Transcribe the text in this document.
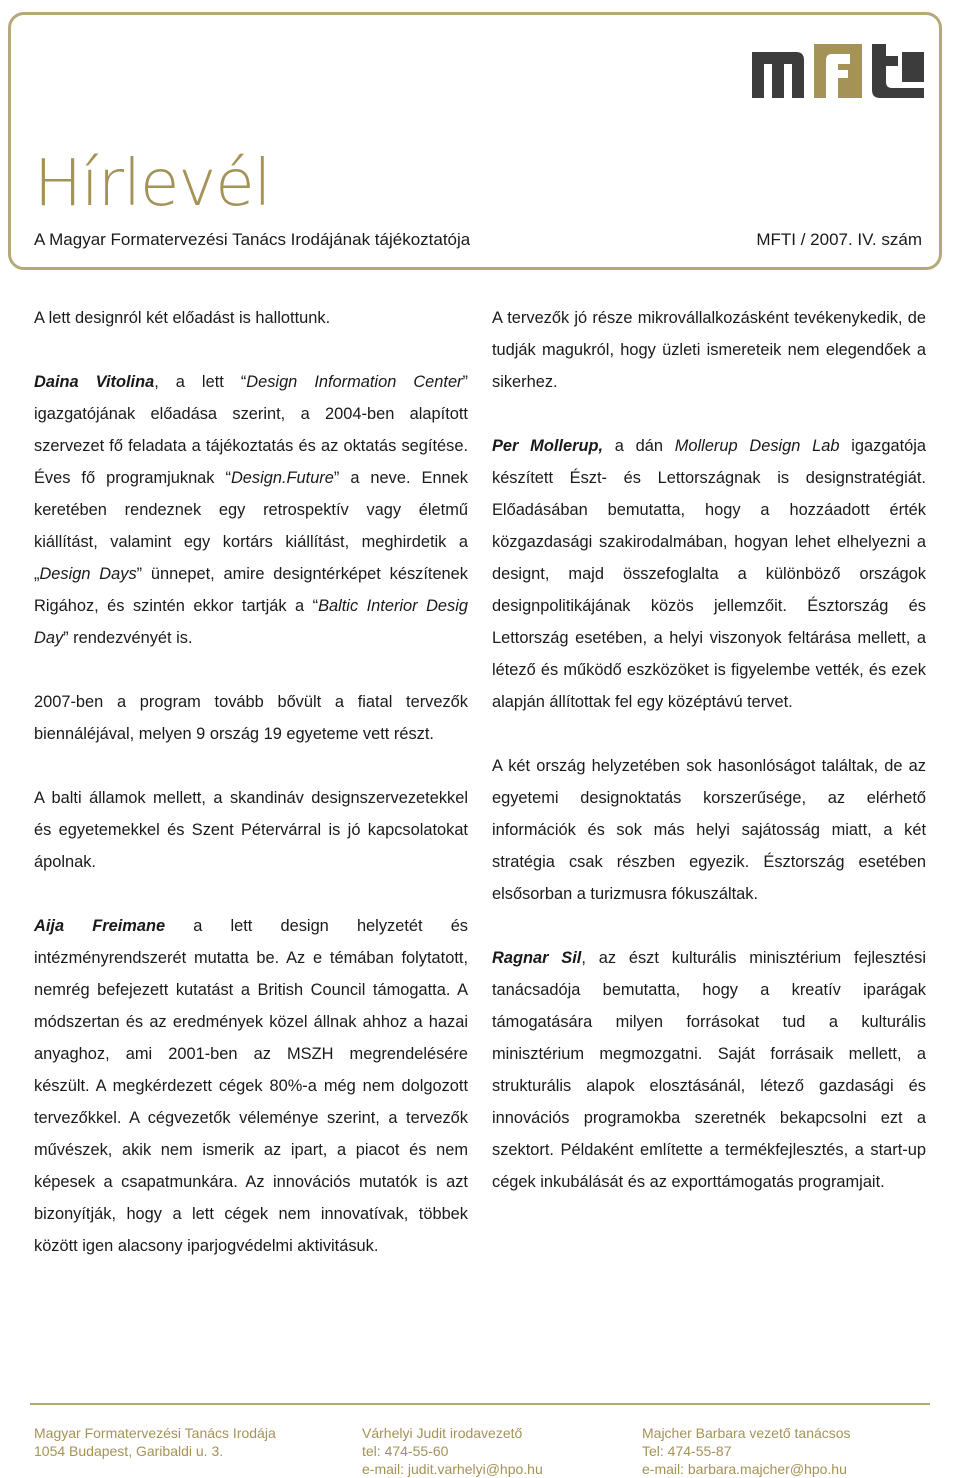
Hírlevél
A Magyar Formatervezési Tanács Irodájának tájékoztatója	MFTI / 2007. IV. szám

A lett designról két előadást is hallottunk.

Daina Vitolina, a lett “Design Information Center” igazgatójának előadása szerint, a 2004-ben alapított szervezet fő feladata a tájékoztatás és az oktatás segítése. Éves fő programjuknak “Design.Future” a neve. Ennek keretében rendeznek egy retrospektív vagy életmű kiállítást, valamint egy kortárs kiállítást, meghirdetik a „Design Days” ünnepet, amire designtérképet készítenek Rigához, és szintén ekkor tartják a “Baltic Interior Desig Day” rendezvényét is.

2007-ben a program tovább bővült a fiatal tervezők biennáléjával, melyen 9 ország 19 egyeteme vett részt.

A balti államok mellett, a skandináv designszervezetekkel és egyetemekkel és Szent Pétervárral is jó kapcsolatokat ápolnak.

Aija Freimane a lett design helyzetét és intézményrendszerét mutatta be. Az e témában folytatott, nemrég befejezett kutatást a British Council támogatta. A módszertan és az eredmények közel állnak ahhoz a hazai anyaghoz, ami 2001-ben az MSZH megrendelésére készült. A megkérdezett cégek 80%-a még nem dolgozott tervezőkkel. A cégvezetők véleménye szerint, a tervezők művészek, akik nem ismerik az ipart, a piacot és nem képesek a csapatmunkára. Az innovációs mutatók is azt bizonyítják, hogy a lett cégek nem innovatívak, többek között igen alacsony iparjogvédelmi aktivitásuk.

A tervezők jó része mikrovállalkozásként tevékenykedik, de tudják magukról, hogy üzleti ismereteik nem elegendőek a sikerhez.

Per Mollerup, a dán Mollerup Design Lab igazgatója készített Észt- és Lettországnak is designstratégiát. Előadásában bemutatta, hogy a hozzáadott érték közgazdasági szakirodalmában, hogyan lehet elhelyezni a designt, majd összefoglalta a különböző országok designpolitikájának közös jellemzőit. Észtország és Lettország esetében, a helyi viszonyok feltárása mellett, a létező és működő eszközöket is figyelembe vették, és ezek alapján állítottak fel egy középtávú tervet.

A két ország helyzetében sok hasonlóságot találtak, de az egyetemi designoktatás korszerűsége, az elérhető információk és sok más helyi sajátosság miatt, a két stratégia csak részben egyezik. Észtország esetében elsősorban a turizmusra fókuszáltak.

Ragnar Sil, az észt kulturális minisztérium fejlesztési tanácsadója bemutatta, hogy a kreatív iparágak támogatására milyen forrásokat tud a kulturális minisztérium megmozgatni. Saját forrásaik mellett, a strukturális alapok elosztásánál, létező gazdasági és innovációs programokba szeretnék bekapcsolni ezt a szektort. Példaként említette a termékfejlesztés, a start-up cégek inkubálását és az exporttámogatás programjait.

Magyar Formatervezési Tanács Irodája
1054 Budapest, Garibaldi u. 3.
Várhelyi Judit irodavezető
tel: 474-55-60
e-mail: judit.varhelyi@hpo.hu
Majcher Barbara vezető tanácsos
Tel: 474-55-87
e-mail: barbara.majcher@hpo.hu
